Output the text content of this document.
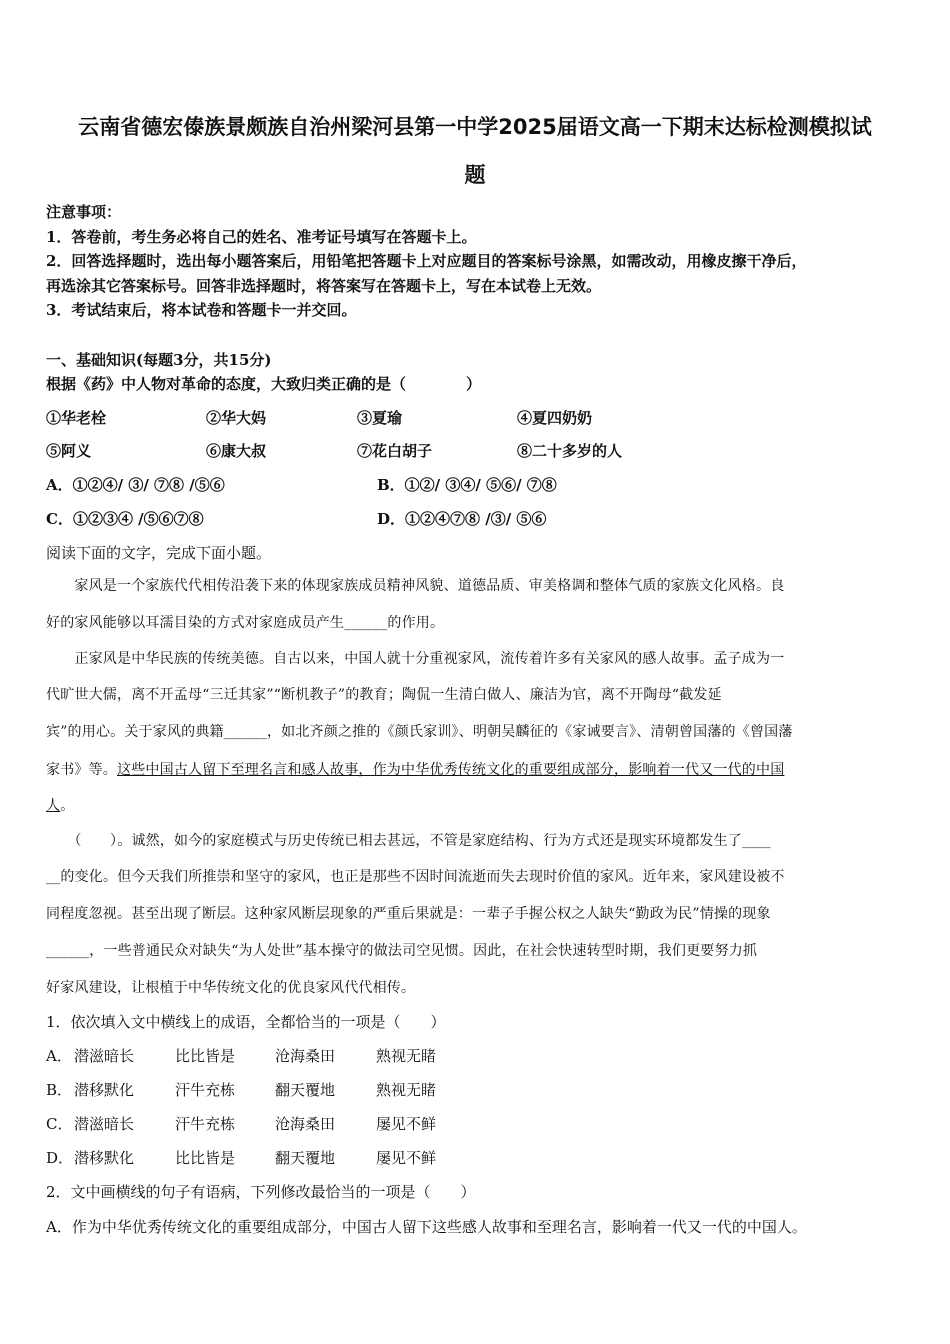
云南省德宏傣族景颇族自治州梁河县第一中学2025届语文高一下期末达标检测模拟试
题
注意事项：
1．答卷前，考生务必将自己的姓名、准考证号填写在答题卡上。
2．回答选择题时，选出每小题答案后，用铅笔把答题卡上对应题目的答案标号涂黑，如需改动，用橡皮擦干净后，
再选涂其它答案标号。回答非选择题时，将答案写在答题卡上，写在本试卷上无效。
3．考试结束后，将本试卷和答题卡一并交回。
一、基础知识(每题3分，共15分)
根据《药》中人物对革命的态度，大致归类正确的是（　　　　）
①华老栓	②华大妈	③夏瑜	④夏四奶奶
⑤阿义	⑥康大叔	⑦花白胡子	⑧二十多岁的人
A．①②④/ ③/ ⑦⑧ /⑤⑥	B．①②/ ③④/ ⑤⑥/ ⑦⑧
C．①②③④ /⑤⑥⑦⑧	D．①②④⑦⑧ /③/ ⑤⑥
阅读下面的文字，完成下面小题。
　　家风是一个家族代代相传沿袭下来的体现家族成员精神风貌、道德品质、审美格调和整体气质的家族文化风格。良
好的家风能够以耳濡目染的方式对家庭成员产生______的作用。
　　正家风是中华民族的传统美德。自古以来，中国人就十分重视家风，流传着许多有关家风的感人故事。孟子成为一
代旷世大儒，离不开孟母“三迁其家”“断机教子”的教育；陶侃一生清白做人、廉洁为官，离不开陶母“截发延
宾”的用心。关于家风的典籍______，如北齐颜之推的《颜氏家训》、明朝吴麟征的《家诫要言》、清朝曾国藩的《曾国藩
家书》等。这些中国古人留下至理名言和感人故事，作为中华优秀传统文化的重要组成部分，影响着一代又一代的中国
人。
　　（　　）。诚然，如今的家庭模式与历史传统已相去甚远，不管是家庭结构、行为方式还是现实环境都发生了____
__的变化。但今天我们所推崇和坚守的家风，也正是那些不因时间流逝而失去现时价值的家风。近年来，家风建设被不
同程度忽视。甚至出现了断层。这种家风断层现象的严重后果就是：一辈子手握公权之人缺失“勤政为民”情操的现象
______，一些普通民众对缺失“为人处世”基本操守的做法司空见惯。因此，在社会快速转型时期，我们更要努力抓
好家风建设，让根植于中华传统文化的优良家风代代相传。
1．依次填入文中横线上的成语，全都恰当的一项是（　　）
A． 潜滋暗长	比比皆是	沧海桑田	熟视无睹
B． 潜移默化	汗牛充栋	翻天覆地	熟视无睹
C． 潜滋暗长	汗牛充栋	沧海桑田	屡见不鲜
D． 潜移默化	比比皆是	翻天覆地	屡见不鲜
2．文中画横线的句子有语病，下列修改最恰当的一项是（　　）
A．作为中华优秀传统文化的重要组成部分，中国古人留下这些感人故事和至理名言，影响着一代又一代的中国人。
